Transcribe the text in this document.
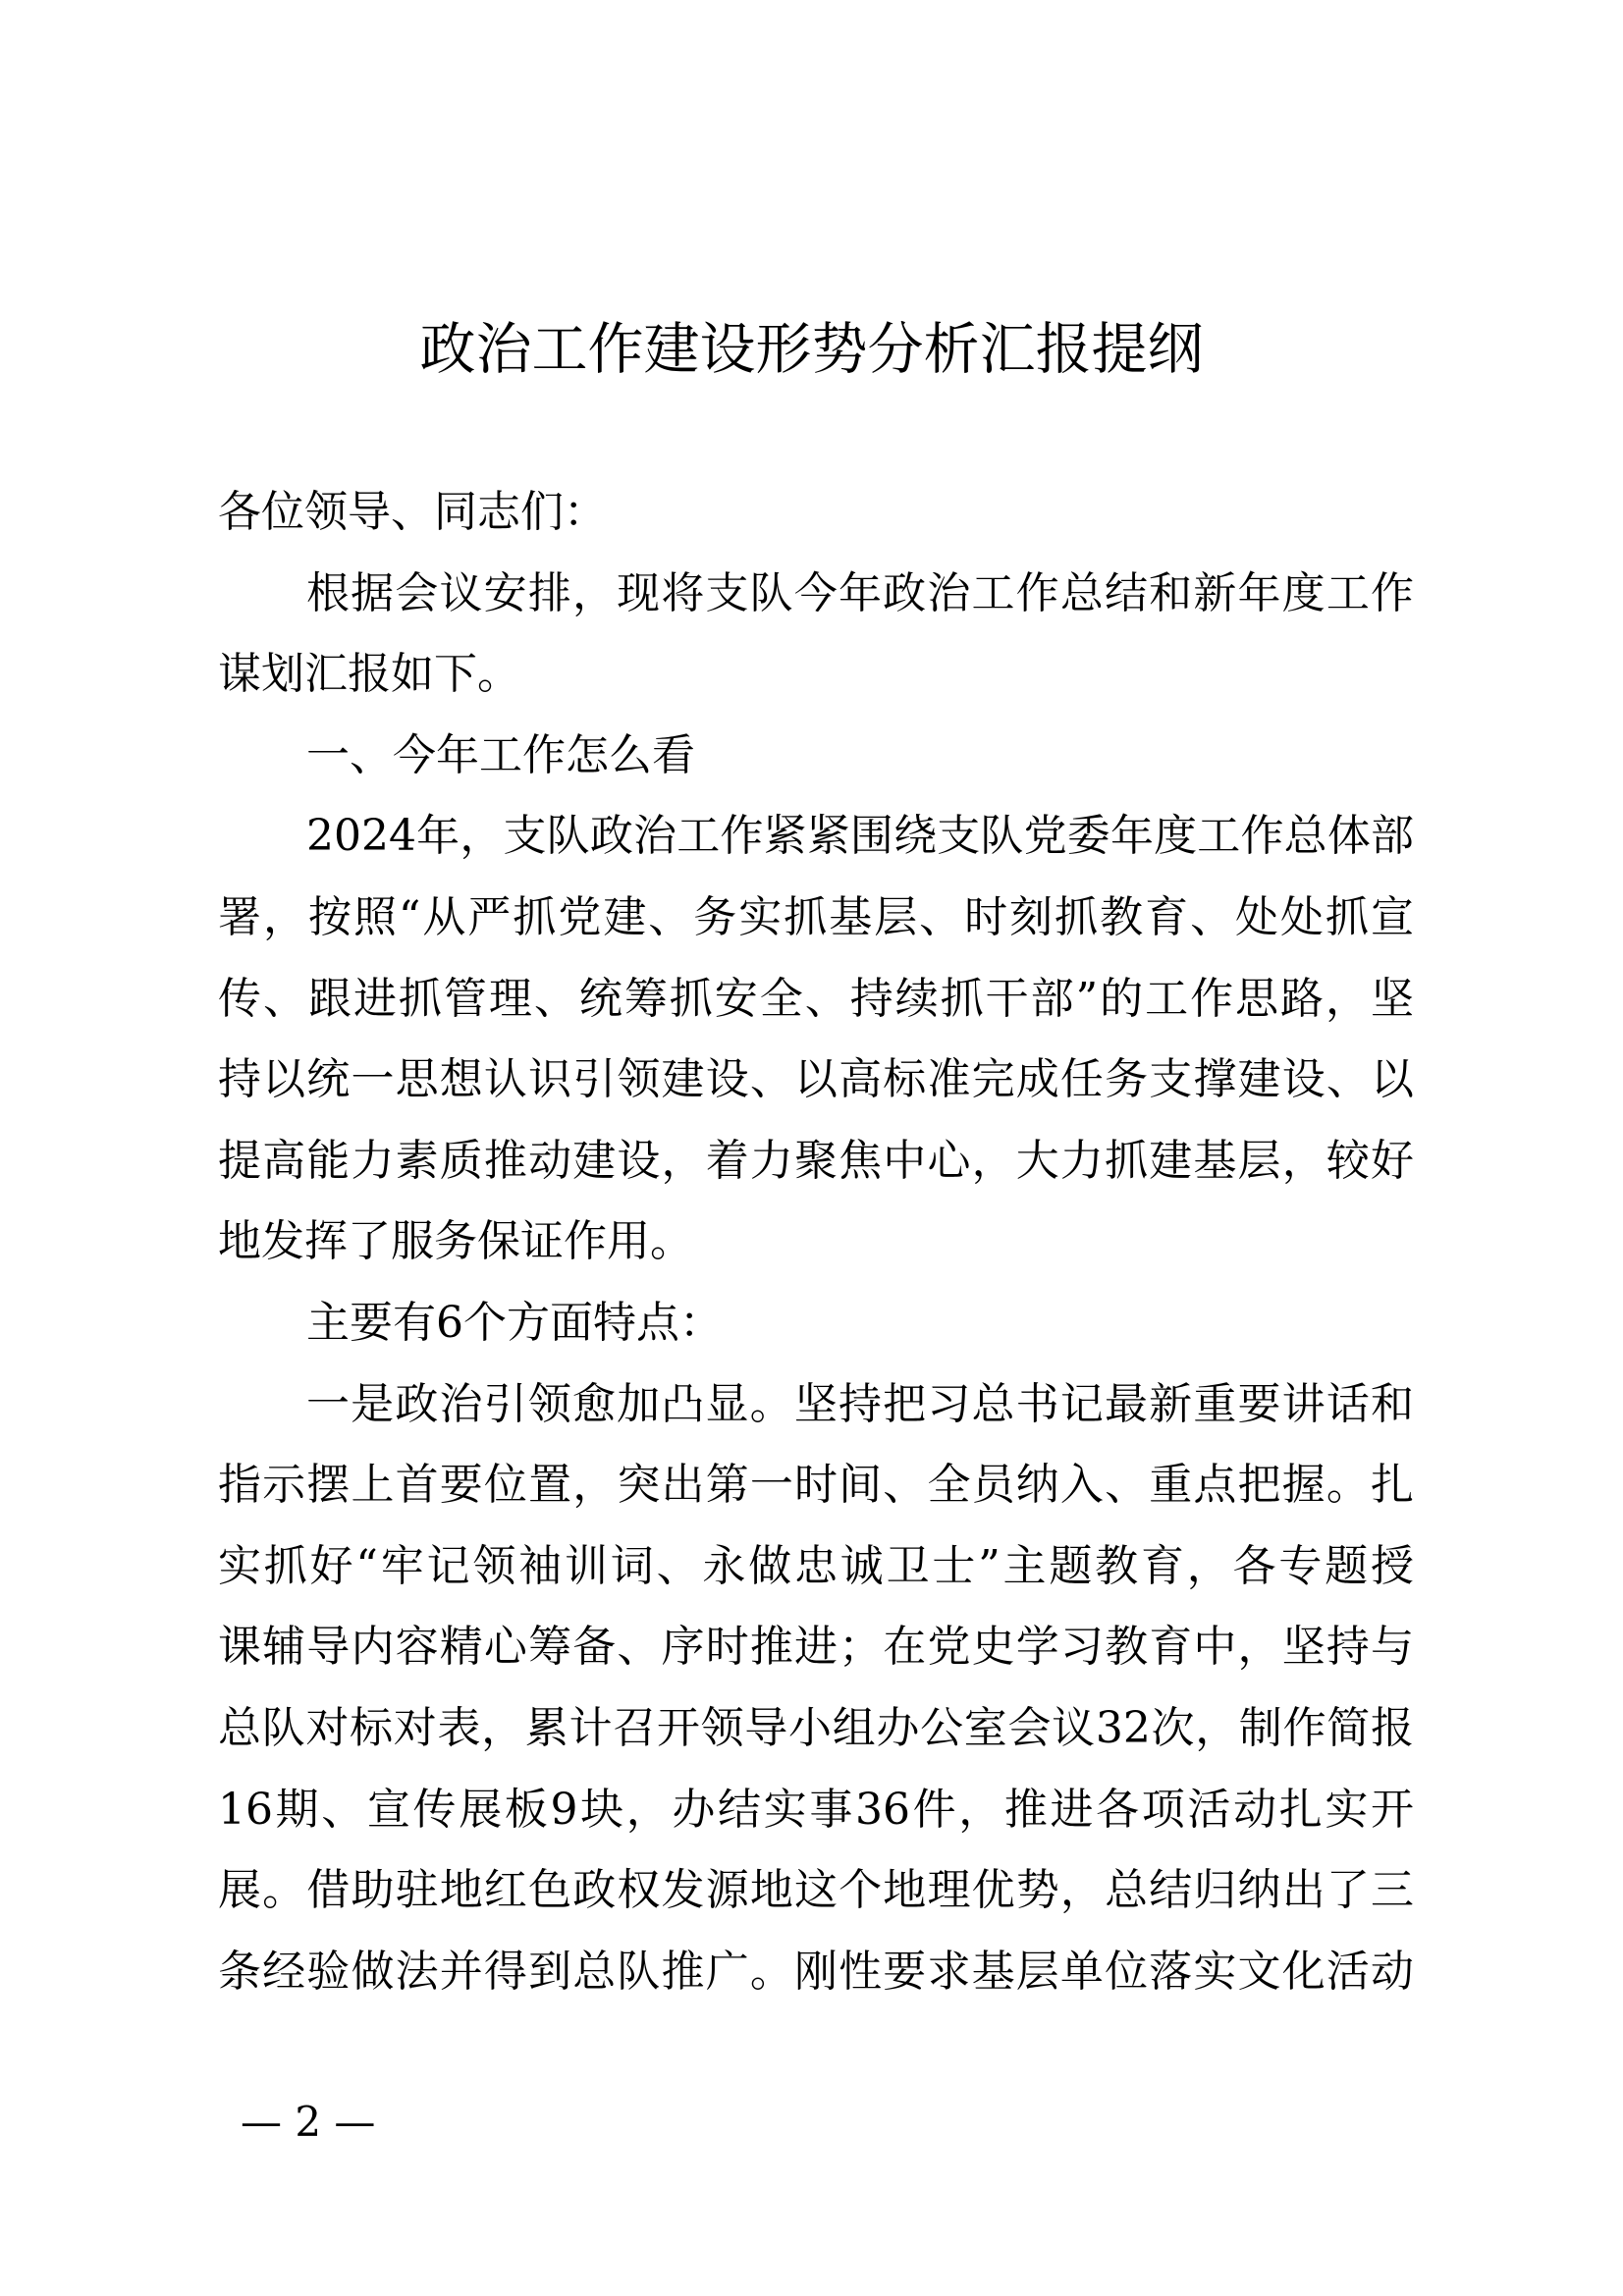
政治工作建设形势分析汇报提纲
各位领导、同志们：
根据会议安排，现将支队今年政治工作总结和新年度工作
谋划汇报如下。
一、今年工作怎么看
2024年，支队政治工作紧紧围绕支队党委年度工作总体部
署，按照“从严抓党建、务实抓基层、时刻抓教育、处处抓宣
传、跟进抓管理、统筹抓安全、持续抓干部”的工作思路，坚
持以统一思想认识引领建设、以高标准完成任务支撑建设、以
提高能力素质推动建设，着力聚焦中心，大力抓建基层，较好
地发挥了服务保证作用。
主要有6个方面特点：
一是政治引领愈加凸显。坚持把习总书记最新重要讲话和
指示摆上首要位置，突出第一时间、全员纳入、重点把握。扎
实抓好“牢记领袖训词、永做忠诚卫士”主题教育，各专题授
课辅导内容精心筹备、序时推进；在党史学习教育中，坚持与
总队对标对表，累计召开领导小组办公室会议32次，制作简报
16期、宣传展板9块，办结实事36件，推进各项活动扎实开
展。借助驻地红色政权发源地这个地理优势，总结归纳出了三
条经验做法并得到总队推广。刚性要求基层单位落实文化活动
— 2 —
